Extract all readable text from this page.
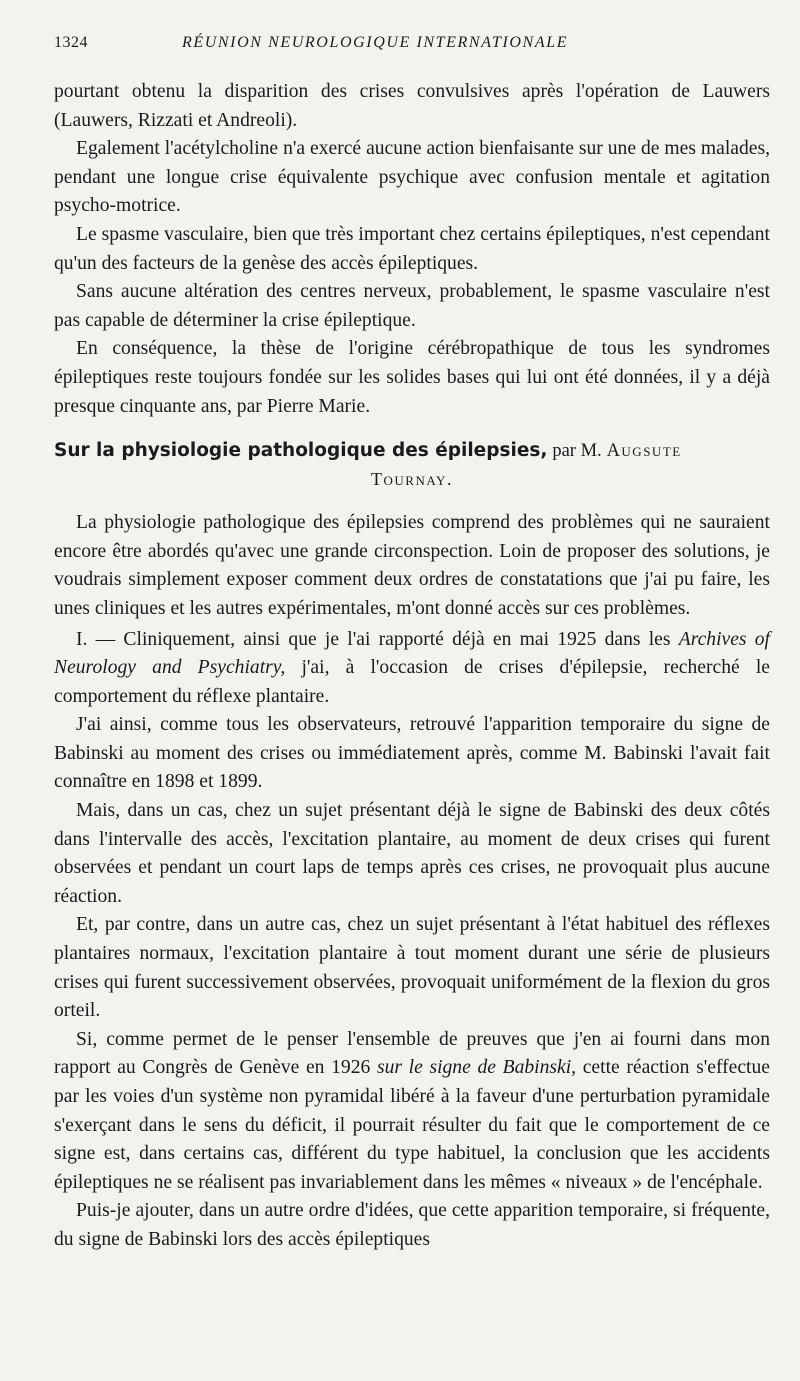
1324	RÉUNION NEUROLOGIQUE INTERNATIONALE

pourtant obtenu la disparition des crises convulsives après l'opération de Lauwers (Lauwers, Rizzati et Andreoli).

Egalement l'acétylcholine n'a exercé aucune action bienfaisante sur une de mes malades, pendant une longue crise équivalente psychique avec confusion mentale et agitation psycho-motrice.

Le spasme vasculaire, bien que très important chez certains épileptiques, n'est cependant qu'un des facteurs de la genèse des accès épileptiques.

Sans aucune altération des centres nerveux, probablement, le spasme vasculaire n'est pas capable de déterminer la crise épileptique.

En conséquence, la thèse de l'origine cérébropathique de tous les syndromes épileptiques reste toujours fondée sur les solides bases qui lui ont été données, il y a déjà presque cinquante ans, par Pierre Marie.

Sur la physiologie pathologique des épilepsies, par M. Augsute
Tournay.

La physiologie pathologique des épilepsies comprend des problèmes qui ne sauraient encore être abordés qu'avec une grande circonspection. Loin de proposer des solutions, je voudrais simplement exposer comment deux ordres de constatations que j'ai pu faire, les unes cliniques et les autres expérimentales, m'ont donné accès sur ces problèmes.

I. — Cliniquement, ainsi que je l'ai rapporté déjà en mai 1925 dans les Archives of Neurology and Psychiatry, j'ai, à l'occasion de crises d'épilepsie, recherché le comportement du réflexe plantaire.

J'ai ainsi, comme tous les observateurs, retrouvé l'apparition temporaire du signe de Babinski au moment des crises ou immédiatement après, comme M. Babinski l'avait fait connaître en 1898 et 1899.

Mais, dans un cas, chez un sujet présentant déjà le signe de Babinski des deux côtés dans l'intervalle des accès, l'excitation plantaire, au moment de deux crises qui furent observées et pendant un court laps de temps après ces crises, ne provoquait plus aucune réaction.

Et, par contre, dans un autre cas, chez un sujet présentant à l'état habituel des réflexes plantaires normaux, l'excitation plantaire à tout moment durant une série de plusieurs crises qui furent successivement observées, provoquait uniformément de la flexion du gros orteil.

Si, comme permet de le penser l'ensemble de preuves que j'en ai fourni dans mon rapport au Congrès de Genève en 1926 sur le signe de Babinski, cette réaction s'effectue par les voies d'un système non pyramidal libéré à la faveur d'une perturbation pyramidale s'exerçant dans le sens du déficit, il pourrait résulter du fait que le comportement de ce signe est, dans certains cas, différent du type habituel, la conclusion que les accidents épileptiques ne se réalisent pas invariablement dans les mêmes « niveaux » de l'encéphale.

Puis-je ajouter, dans un autre ordre d'idées, que cette apparition temporaire, si fréquente, du signe de Babinski lors des accès épileptiques
